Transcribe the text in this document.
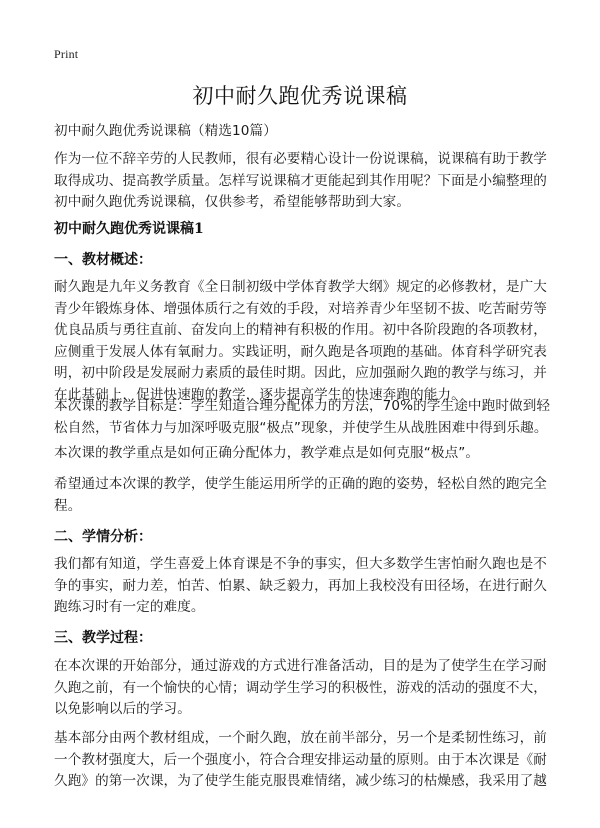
Print
初中耐久跑优秀说课稿
初中耐久跑优秀说课稿（精选10篇）

作为一位不辞辛劳的人民教师，很有必要精心设计一份说课稿，说课稿有助于教学取得成功、提高教学质量。怎样写说课稿才更能起到其作用呢？下面是小编整理的初中耐久跑优秀说课稿，仅供参考，希望能够帮助到大家。

初中耐久跑优秀说课稿1
一、教材概述：

耐久跑是九年义务教育《全日制初级中学体育教学大纲》规定的必修教材，是广大青少年锻炼身体、增强体质行之有效的手段，对培养青少年坚韧不拔、吃苦耐劳等优良品质与勇往直前、奋发向上的精神有积极的作用。初中各阶段跑的各项教材，应侧重于发展人体有氧耐力。实践证明，耐久跑是各项跑的基础。体育科学研究表明，初中阶段是发展耐力素质的最佳时期。因此，应加强耐久跑的教学与练习，并在此基础上，促进快速跑的教学，逐步提高学生的快速奔跑的能力。

本次课的教学目标是：学生知道合理分配体力的方法，70%的学生途中跑时做到轻松自然，节省体力与加深呼吸克服“极点”现象，并使学生从战胜困难中得到乐趣。

本次课的教学重点是如何正确分配体力，教学难点是如何克服“极点”。

希望通过本次课的教学，使学生能运用所学的正确的跑的姿势，轻松自然的跑完全程。

二、学情分析：

我们都有知道，学生喜爱上体育课是不争的事实，但大多数学生害怕耐久跑也是不争的事实，耐力差，怕苦、怕累、缺乏毅力，再加上我校没有田径场，在进行耐久跑练习时有一定的难度。

三、教学过程：

在本次课的开始部分，通过游戏的方式进行准备活动，目的是为了使学生在学习耐久跑之前，有一个愉快的心情；调动学生学习的积极性，游戏的活动的强度不大，以免影响以后的学习。

基本部分由两个教材组成，一个耐久跑，放在前半部分，另一个是柔韧性练习，前一个教材强度大，后一个强度小，符合合理安排运动量的原则。由于本次课是《耐久跑》的第一次课，为了使学生能克服畏难情绪，减少练习的枯燥感，我采用了越
